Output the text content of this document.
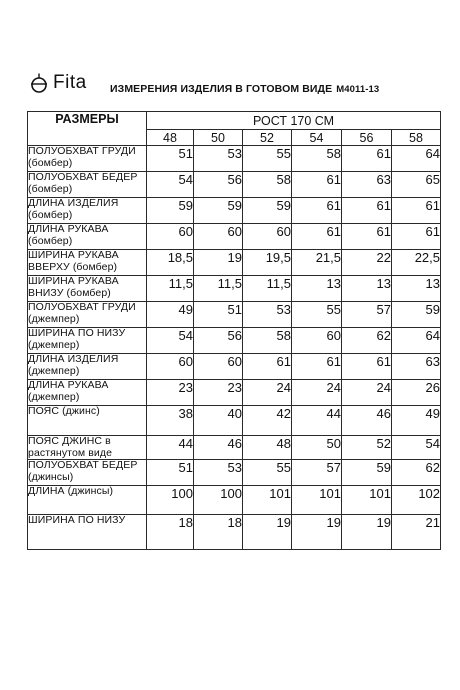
Fita ИЗМЕРЕНИЯ ИЗДЕЛИЯ В ГОТОВОМ ВИДЕ М4011-13
РАЗМЕРЫ	РОСТ 170 СМ					
	48	50	52	54	56	58
ПОЛУОБХВАТ ГРУДИ (бомбер)	51	53	55	58	61	64
ПОЛУОБХВАТ БЕДЕР (бомбер)	54	56	58	61	63	65
ДЛИНА ИЗДЕЛИЯ (бомбер)	59	59	59	61	61	61
ДЛИНА РУКАВА (бомбер)	60	60	60	61	61	61
ШИРИНА РУКАВА ВВЕРХУ (бомбер)	18,5	19	19,5	21,5	22	22,5
ШИРИНА РУКАВА ВНИЗУ (бомбер)	11,5	11,5	11,5	13	13	13
ПОЛУОБХВАТ ГРУДИ (джемпер)	49	51	53	55	57	59
ШИРИНА ПО НИЗУ (джемпер)	54	56	58	60	62	64
ДЛИНА ИЗДЕЛИЯ (джемпер)	60	60	61	61	61	63
ДЛИНА РУКАВА (джемпер)	23	23	24	24	24	26
ПОЯС (джинс)	38	40	42	44	46	49
ПОЯС ДЖИНС в растянутом виде	44	46	48	50	52	54
ПОЛУОБХВАТ БЕДЕР (джинсы)	51	53	55	57	59	62
ДЛИНА (джинсы)	100	100	101	101	101	102
ШИРИНА ПО НИЗУ	18	18	19	19	19	21
